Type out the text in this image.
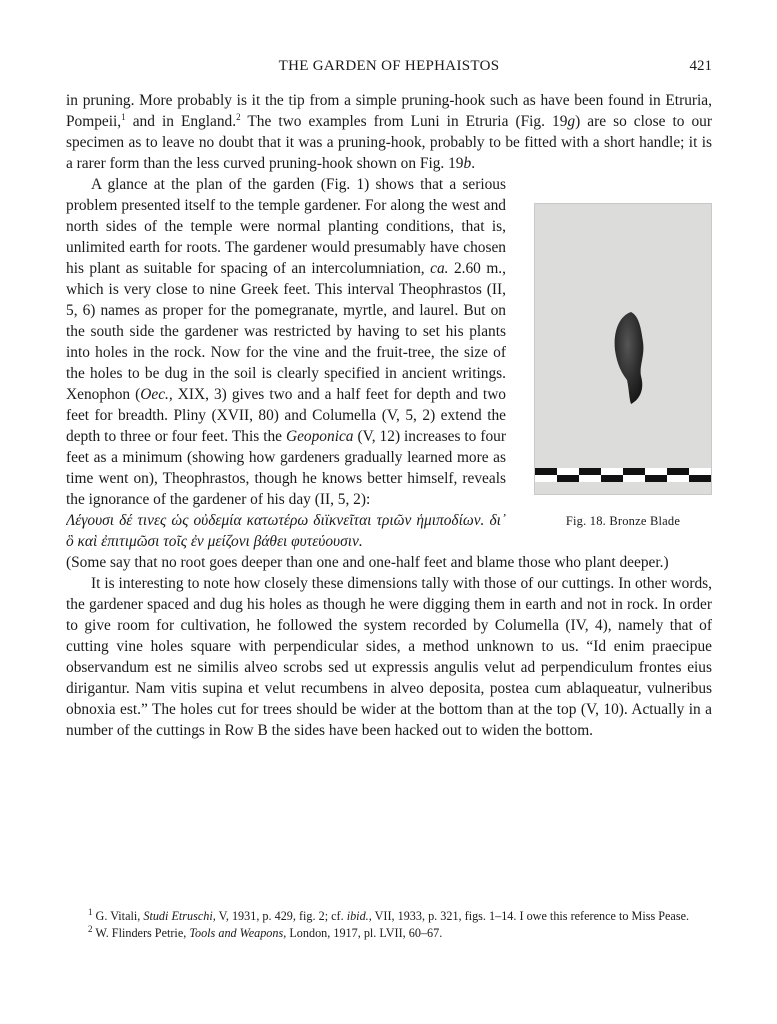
THE GARDEN OF HEPHAISTOS	421

in pruning. More probably is it the tip from a simple pruning-hook such as have been found in Etruria, Pompeii,$^1$ and in England.$^2$ The two examples from Luni in Etruria (Fig. 19g) are so close to our specimen as to leave no doubt that it was a pruning-hook, probably to be fitted with a short handle; it is a rarer form than the less curved pruning-hook shown on Fig. 19b.

Fig. 18. Bronze Blade

A glance at the plan of the garden (Fig. 1) shows that a serious problem presented itself to the temple gardener. For along the west and north sides of the temple were normal planting conditions, that is, unlimited earth for roots. The gardener would presumably have chosen his plant as suitable for spacing of an intercolumniation, ca. 2.60 m., which is very close to nine Greek feet. This interval Theophrastos (II, 5, 6) names as proper for the pomegranate, myrtle, and laurel. But on the south side the gardener was restricted by having to set his plants into holes in the rock. Now for the vine and the fruit-tree, the size of the holes to be dug in the soil is clearly specified in ancient writings. Xenophon (Oec., XIX, 3) gives two and a half feet for depth and two feet for breadth. Pliny (XVII, 80) and Columella (V, 5, 2) extend the depth to three or four feet. This the Geoponica (V, 12) increases to four feet as a minimum (showing how gardeners gradually learned more as time went on), Theophrastos, though he knows better himself, reveals the ignorance of the gardener of his day (II, 5, 2):

Λέγουσι δέ τινες ὡς οὐδεμία κατωτέρω διϊκνεῖται τριῶν ἡμιποδίων. δι᾽ ὃ καὶ ἐπιτιμῶσι τοῖς ἐν μείζονι βάθει φυτεύουσιν.

(Some say that no root goes deeper than one and one-half feet and blame those who plant deeper.)

It is interesting to note how closely these dimensions tally with those of our cuttings. In other words, the gardener spaced and dug his holes as though he were digging them in earth and not in rock. In order to give room for cultivation, he followed the system recorded by Columella (IV, 4), namely that of cutting vine holes square with perpendicular sides, a method unknown to us. “Id enim praecipue observandum est ne similis alveo scrobs sed ut expressis angulis velut ad perpendiculum frontes eius dirigantur. Nam vitis supina et velut recumbens in alveo deposita, postea cum ablaqueatur, vulneribus obnoxia est.” The holes cut for trees should be wider at the bottom than at the top (V, 10). Actually in a number of the cuttings in Row B the sides have been hacked out to widen the bottom.

$^1$ G. Vitali, Studi Etruschi, V, 1931, p. 429, fig. 2; cf. ibid., VII, 1933, p. 321, figs. 1–14. I owe this reference to Miss Pease.

$^2$ W. Flinders Petrie, Tools and Weapons, London, 1917, pl. LVII, 60–67.
